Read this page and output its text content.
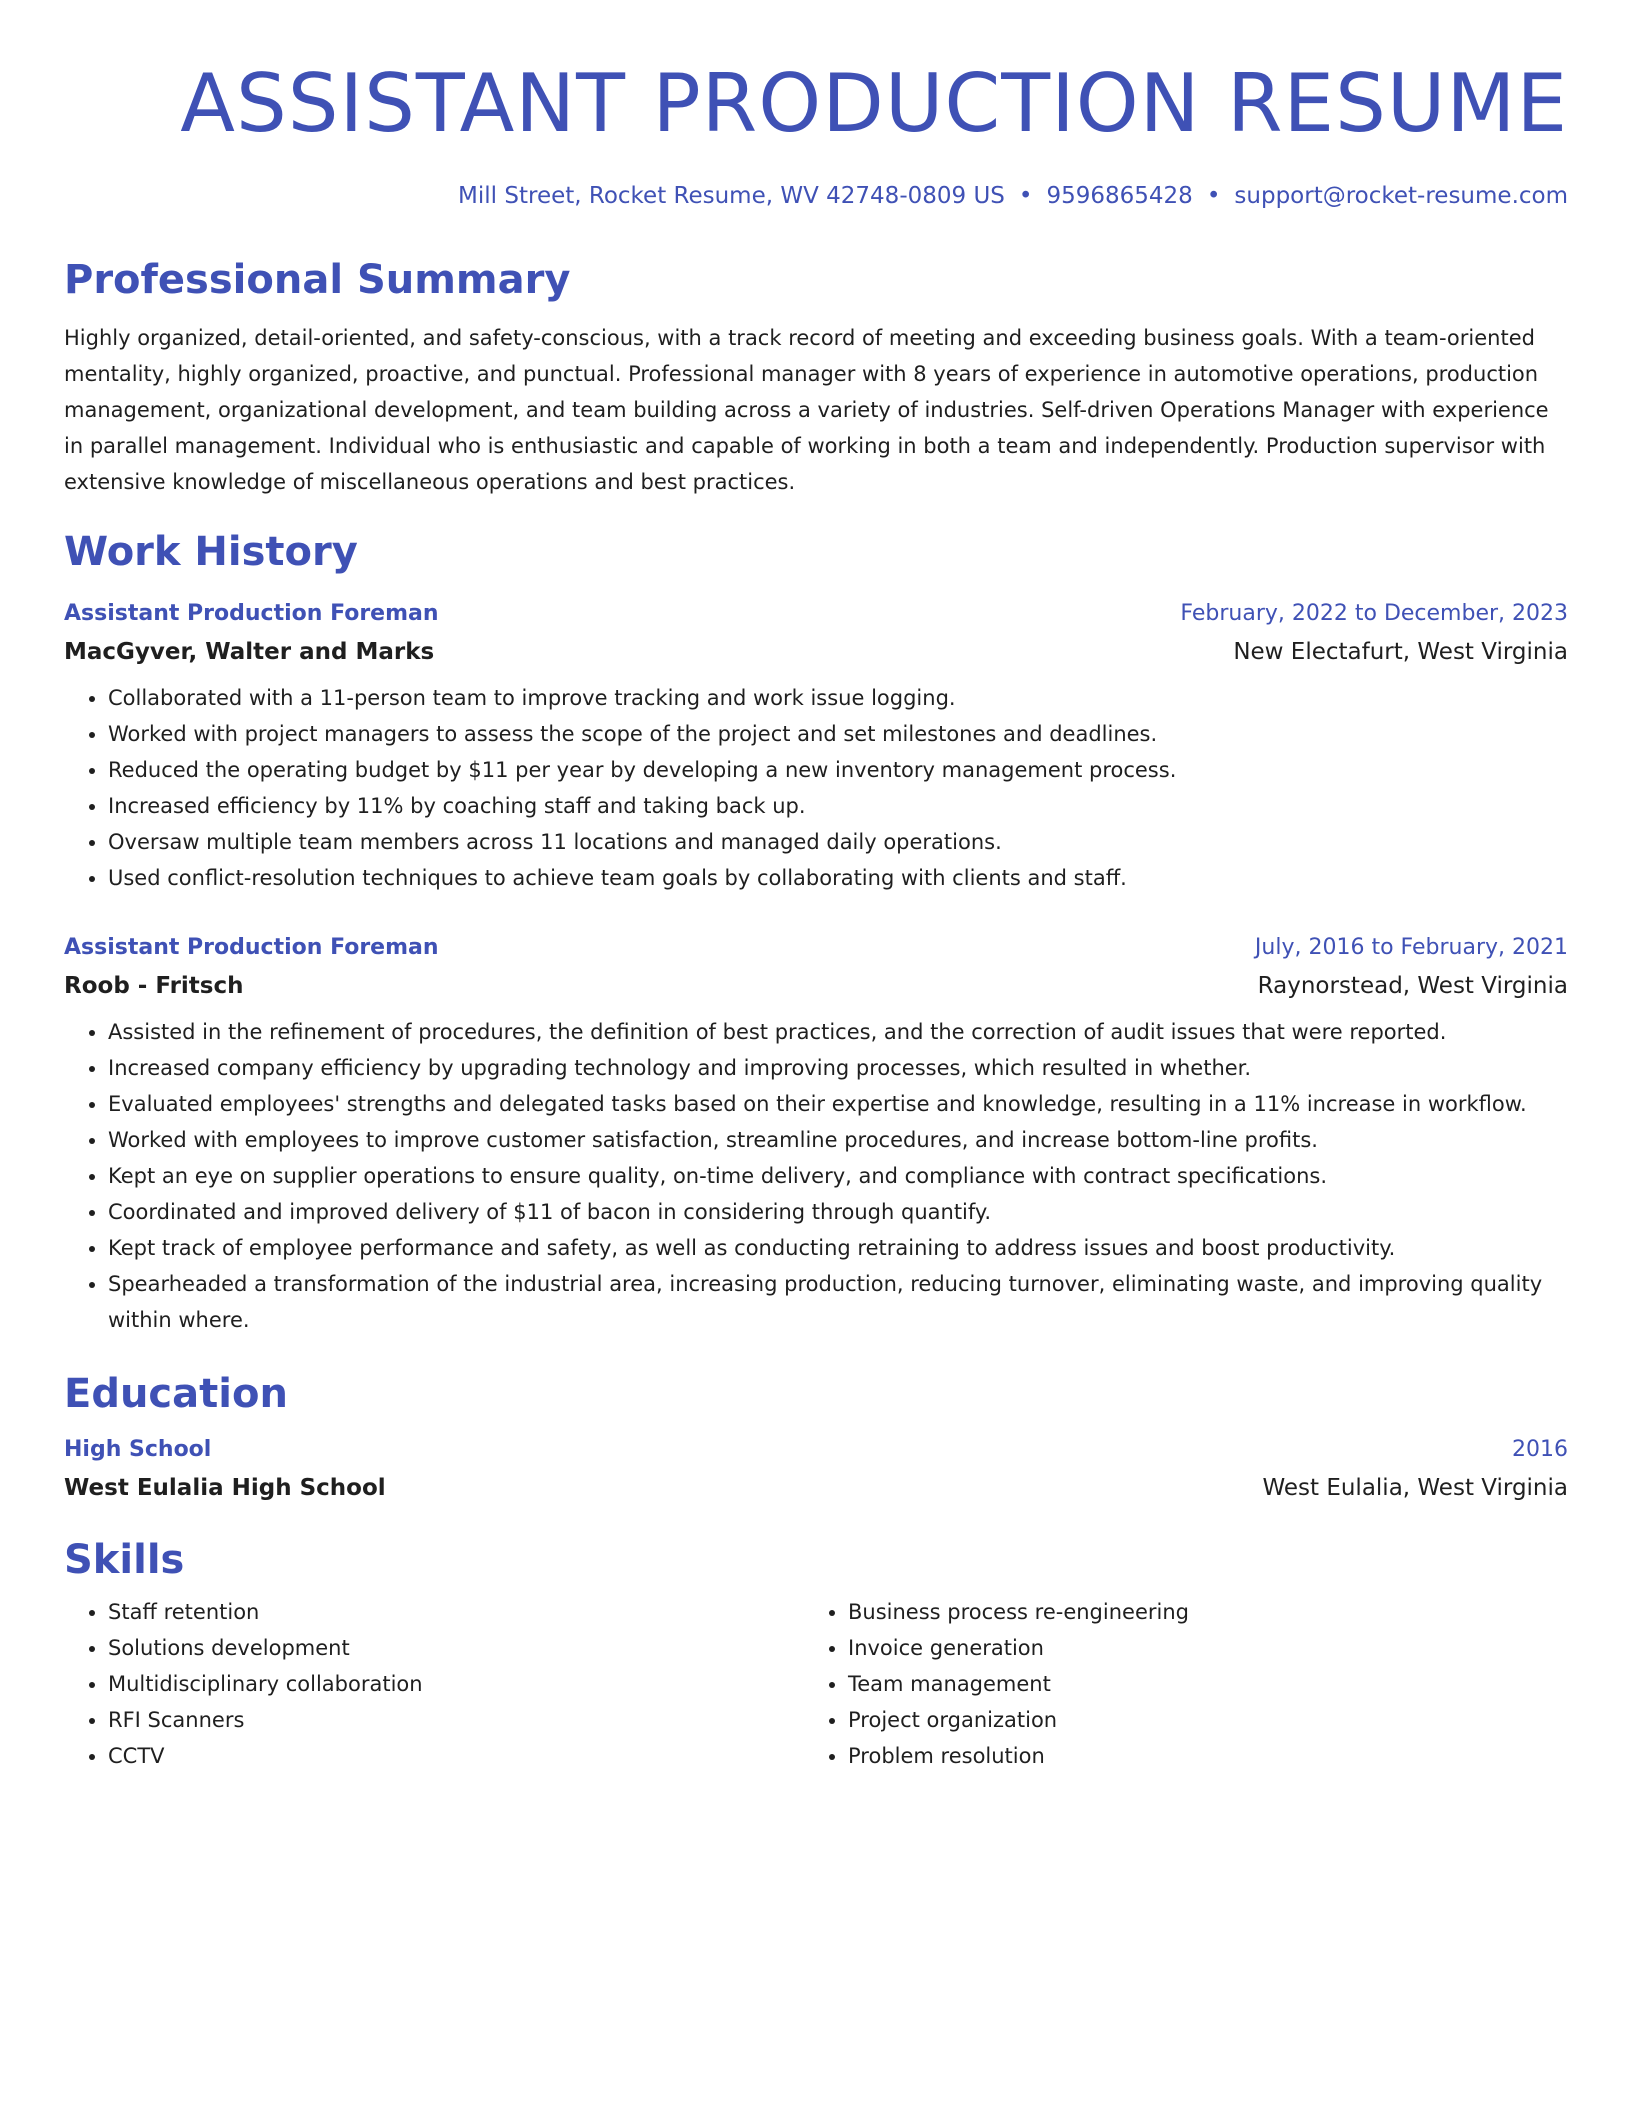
ASSISTANT PRODUCTION RESUME
Mill Street, Rocket Resume, WV 42748-0809 US • 9596865428 • support@rocket-resume.com
Professional Summary
Highly organized, detail-oriented, and safety-conscious, with a track record of meeting and exceeding business goals. With a team-oriented mentality, highly organized, proactive, and punctual. Professional manager with 8 years of experience in automotive operations, production management, organizational development, and team building across a variety of industries. Self-driven Operations Manager with experience in parallel management. Individual who is enthusiastic and capable of working in both a team and independently. Production supervisor with extensive knowledge of miscellaneous operations and best practices.
Work History
Assistant Production Foreman	February, 2022 to December, 2023
MacGyver, Walter and Marks	New Electafurt, West Virginia
• Collaborated with a 11-person team to improve tracking and work issue logging.
• Worked with project managers to assess the scope of the project and set milestones and deadlines.
• Reduced the operating budget by $11 per year by developing a new inventory management process.
• Increased efficiency by 11% by coaching staff and taking back up.
• Oversaw multiple team members across 11 locations and managed daily operations.
• Used conflict-resolution techniques to achieve team goals by collaborating with clients and staff.
Assistant Production Foreman	July, 2016 to February, 2021
Roob - Fritsch	Raynorstead, West Virginia
• Assisted in the refinement of procedures, the definition of best practices, and the correction of audit issues that were reported.
• Increased company efficiency by upgrading technology and improving processes, which resulted in whether.
• Evaluated employees' strengths and delegated tasks based on their expertise and knowledge, resulting in a 11% increase in workflow.
• Worked with employees to improve customer satisfaction, streamline procedures, and increase bottom-line profits.
• Kept an eye on supplier operations to ensure quality, on-time delivery, and compliance with contract specifications.
• Coordinated and improved delivery of $11 of bacon in considering through quantify.
• Kept track of employee performance and safety, as well as conducting retraining to address issues and boost productivity.
• Spearheaded a transformation of the industrial area, increasing production, reducing turnover, eliminating waste, and improving quality within where.
Education
High School	2016
West Eulalia High School	West Eulalia, West Virginia
Skills
• Staff retention
• Solutions development
• Multidisciplinary collaboration
• RFI Scanners
• CCTV
• Business process re-engineering
• Invoice generation
• Team management
• Project organization
• Problem resolution
